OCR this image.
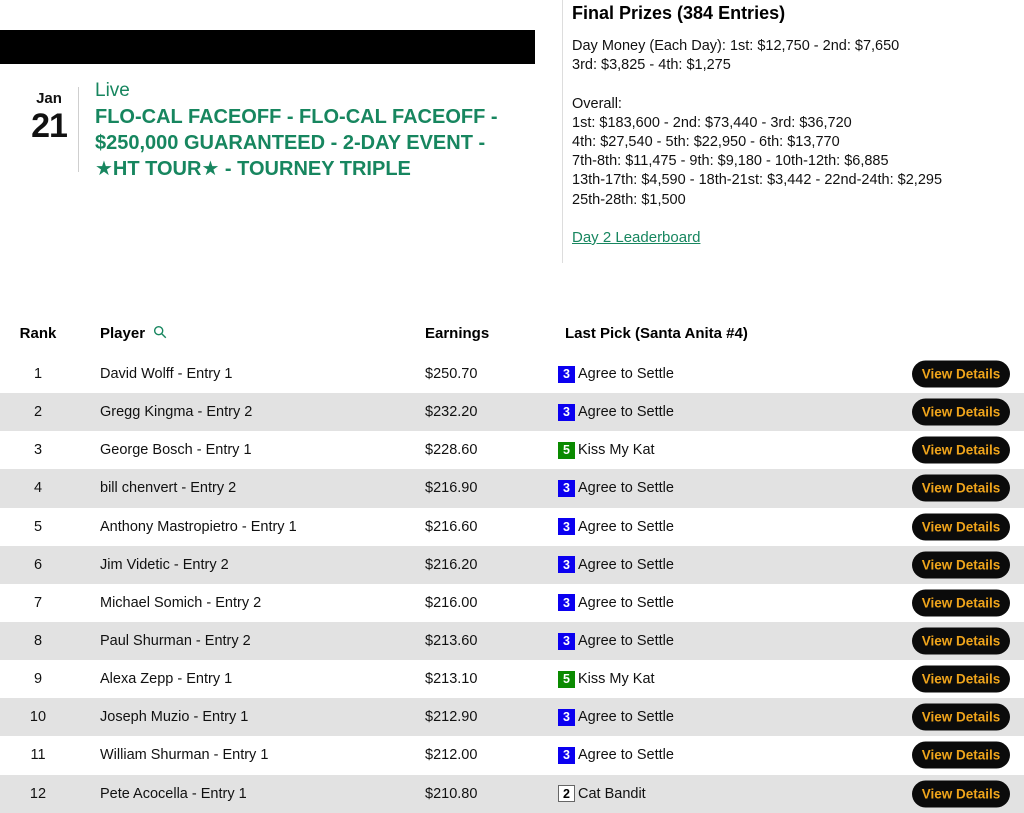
Jan
21
Live
FLO-CAL FACEOFF - FLO-CAL FACEOFF -
$250,000 GUARANTEED - 2-DAY EVENT -
★HT TOUR★ - TOURNEY TRIPLE
Final Prizes (384 Entries)
Day Money (Each Day): 1st: $12,750 - 2nd: $7,650
3rd: $3,825 - 4th: $1,275
Overall:
1st: $183,600 - 2nd: $73,440 - 3rd: $36,720
4th: $27,540 - 5th: $22,950 - 6th: $13,770
7th-8th: $11,475 - 9th: $9,180 - 10th-12th: $6,885
13th-17th: $4,590 - 18th-21st: $3,442 - 22nd-24th: $2,295
25th-28th: $1,500
Day 2 Leaderboard
Rank	Player	Earnings	Last Pick (Santa Anita #4)
1	David Wolff - Entry 1	$250.70	3 Agree to Settle	View Details
2	Gregg Kingma - Entry 2	$232.20	3 Agree to Settle	View Details
3	George Bosch - Entry 1	$228.60	5 Kiss My Kat	View Details
4	bill chenvert - Entry 2	$216.90	3 Agree to Settle	View Details
5	Anthony Mastropietro - Entry 1	$216.60	3 Agree to Settle	View Details
6	Jim Videtic - Entry 2	$216.20	3 Agree to Settle	View Details
7	Michael Somich - Entry 2	$216.00	3 Agree to Settle	View Details
8	Paul Shurman - Entry 2	$213.60	3 Agree to Settle	View Details
9	Alexa Zepp - Entry 1	$213.10	5 Kiss My Kat	View Details
10	Joseph Muzio - Entry 1	$212.90	3 Agree to Settle	View Details
11	William Shurman - Entry 1	$212.00	3 Agree to Settle	View Details
12	Pete Acocella - Entry 1	$210.80	2 Cat Bandit	View Details
